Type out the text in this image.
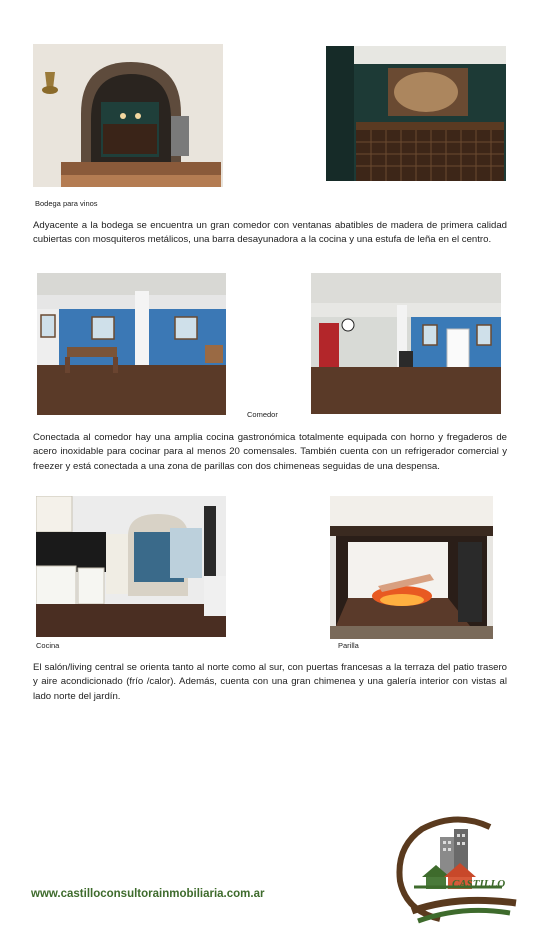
Bodega para vinos
Adyacente a la bodega se encuentra un gran comedor con ventanas abatibles de madera de primera calidad cubiertas con mosquiteros metálicos, una barra desayunadora a la cocina y una estufa de leña en el centro.
Comedor
Conectada al comedor hay una amplia cocina gastronómica totalmente equipada con horno y fregaderos de acero inoxidable para cocinar para al menos 20 comensales. También cuenta con un refrigerador comercial y freezer y está conectada a una zona de parillas con dos chimeneas seguidas de una despensa.
Cocina	Parilla
El salón/living central se orienta tanto al norte como al sur, con puertas francesas a la terraza del patio trasero y aire acondicionado (frío /calor). Además, cuenta con una gran chimenea y una galería interior con vistas al lado norte del jardín.
www.castilloconsultorainmobiliaria.com.ar
CASTILLO
